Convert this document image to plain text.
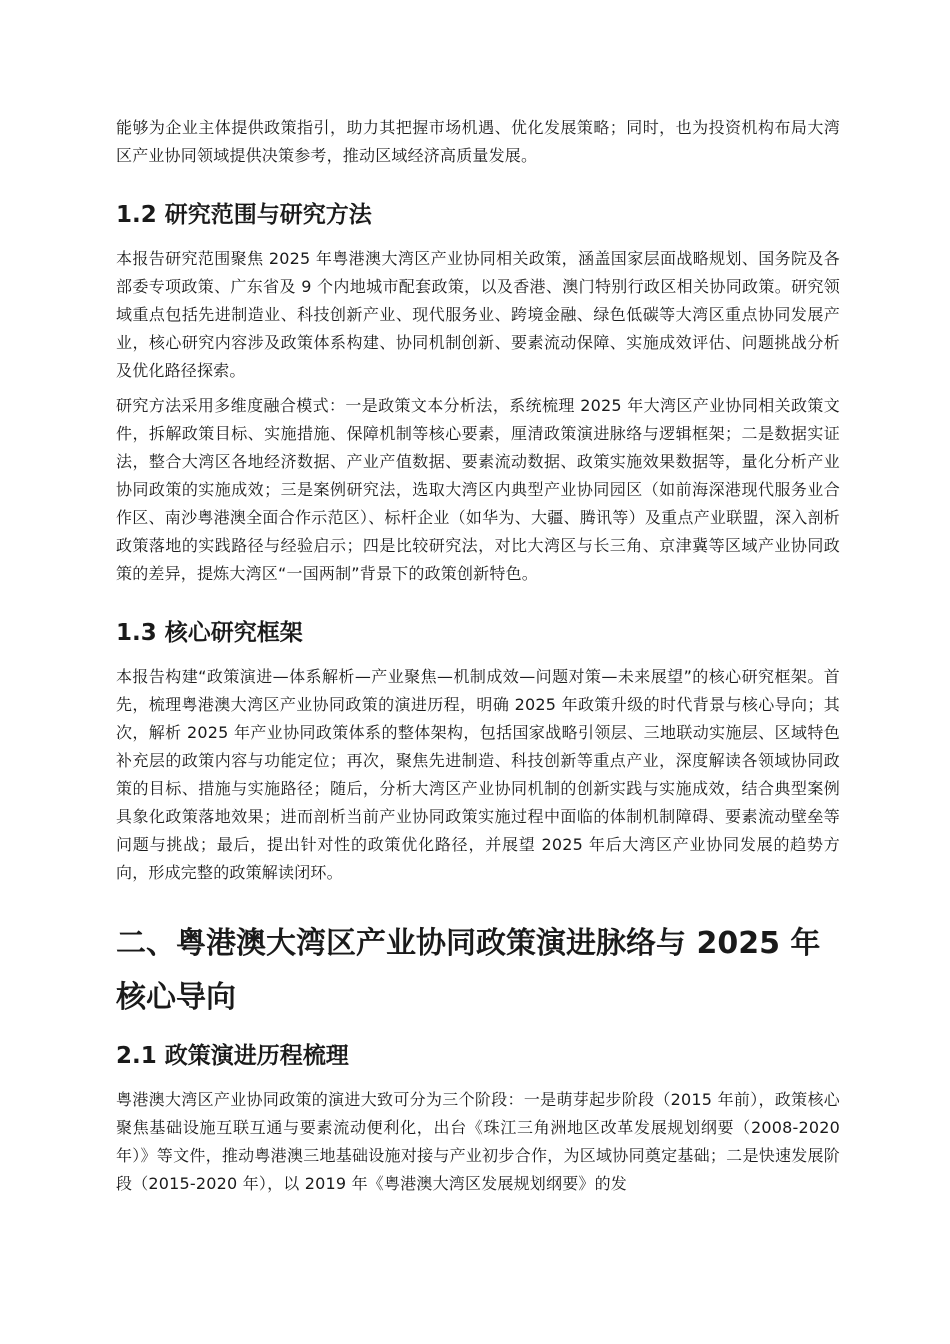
能够为企业主体提供政策指引，助力其把握市场机遇、优化发展策略；同时，也为投资机构布局大湾区产业协同领域提供决策参考，推动区域经济高质量发展。

1.2 研究范围与研究方法

本报告研究范围聚焦 2025 年粤港澳大湾区产业协同相关政策，涵盖国家层面战略规划、国务院及各部委专项政策、广东省及 9 个内地城市配套政策，以及香港、澳门特别行政区相关协同政策。研究领域重点包括先进制造业、科技创新产业、现代服务业、跨境金融、绿色低碳等大湾区重点协同发展产业，核心研究内容涉及政策体系构建、协同机制创新、要素流动保障、实施成效评估、问题挑战分析及优化路径探索。

研究方法采用多维度融合模式：一是政策文本分析法，系统梳理 2025 年大湾区产业协同相关政策文件，拆解政策目标、实施措施、保障机制等核心要素，厘清政策演进脉络与逻辑框架；二是数据实证法，整合大湾区各地经济数据、产业产值数据、要素流动数据、政策实施效果数据等，量化分析产业协同政策的实施成效；三是案例研究法，选取大湾区内典型产业协同园区（如前海深港现代服务业合作区、南沙粤港澳全面合作示范区）、标杆企业（如华为、大疆、腾讯等）及重点产业联盟，深入剖析政策落地的实践路径与经验启示；四是比较研究法，对比大湾区与长三角、京津冀等区域产业协同政策的差异，提炼大湾区“一国两制”背景下的政策创新特色。

1.3 核心研究框架

本报告构建“政策演进—体系解析—产业聚焦—机制成效—问题对策—未来展望”的核心研究框架。首先，梳理粤港澳大湾区产业协同政策的演进历程，明确 2025 年政策升级的时代背景与核心导向；其次，解析 2025 年产业协同政策体系的整体架构，包括国家战略引领层、三地联动实施层、区域特色补充层的政策内容与功能定位；再次，聚焦先进制造、科技创新等重点产业，深度解读各领域协同政策的目标、措施与实施路径；随后，分析大湾区产业协同机制的创新实践与实施成效，结合典型案例具象化政策落地效果；进而剖析当前产业协同政策实施过程中面临的体制机制障碍、要素流动壁垒等问题与挑战；最后，提出针对性的政策优化路径，并展望 2025 年后大湾区产业协同发展的趋势方向，形成完整的政策解读闭环。

二、粤港澳大湾区产业协同政策演进脉络与 2025 年核心导向
2.1 政策演进历程梳理

粤港澳大湾区产业协同政策的演进大致可分为三个阶段：一是萌芽起步阶段（2015 年前），政策核心聚焦基础设施互联互通与要素流动便利化，出台《珠江三角洲地区改革发展规划纲要（2008-2020 年）》等文件，推动粤港澳三地基础设施对接与产业初步合作，为区域协同奠定基础；二是快速发展阶段（2015-2020 年），以 2019 年《粤港澳大湾区发展规划纲要》的发
